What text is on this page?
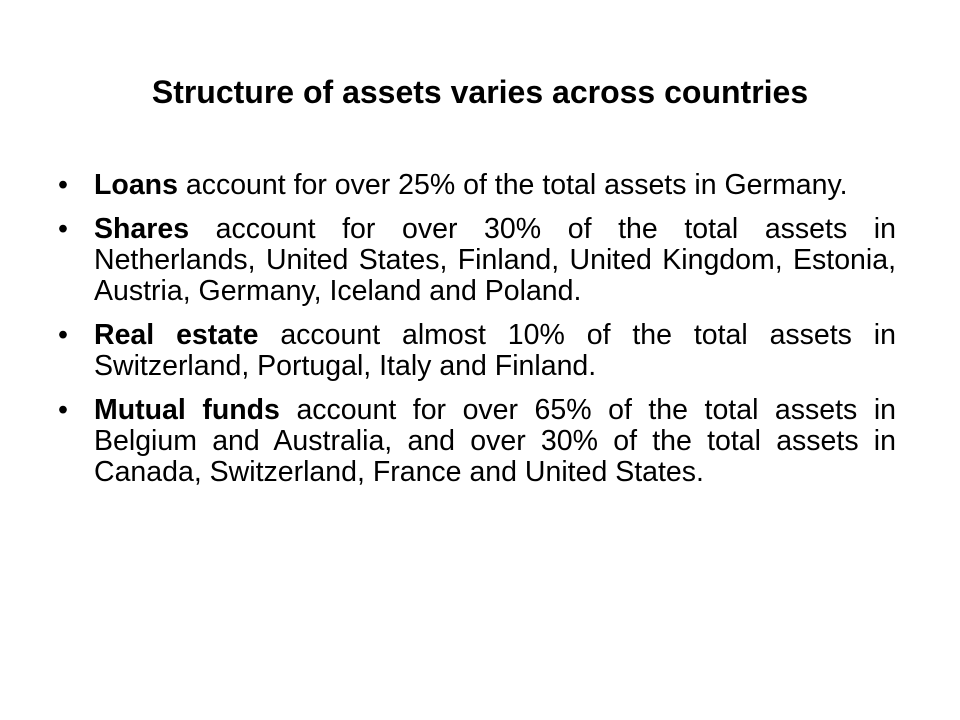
Structure of assets varies across countries
• Loans account for over 25% of the total assets in Germany.
• Shares account for over 30% of the total assets in Netherlands, United States, Finland, United Kingdom, Estonia, Austria, Germany, Iceland and Poland.
• Real estate account almost 10% of the total assets in Switzerland, Portugal, Italy and Finland.
• Mutual funds account for over 65% of the total assets in Belgium and Australia, and over 30% of the total assets in Canada, Switzerland, France and United States.
